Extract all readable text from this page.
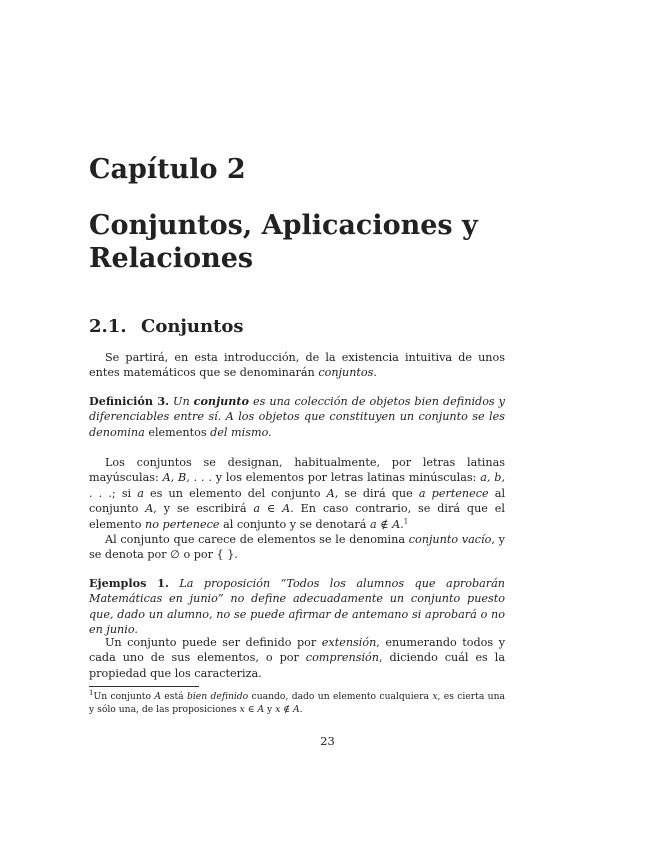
Capítulo 2
Conjuntos, Aplicaciones y Relaciones
2.1. Conjuntos
Se partirá, en esta introducción, de la existencia intuitiva de unos entes matemáticos que se denominarán conjuntos.
Definición 3. Un conjunto es una colección de objetos bien definidos y diferenciables entre sí. A los objetos que constituyen un conjunto se les denomina elementos del mismo.
Los conjuntos se designan, habitualmente, por letras latinas mayúsculas: A, B, . . . y los elementos por letras latinas minúsculas: a, b, . . .; si a es un elemento del conjunto A, se dirá que a pertenece al conjunto A, y se escribirá a ∈ A. En caso contrario, se dirá que el elemento no pertenece al conjunto y se denotará a ∉ A.$^1$
Al conjunto que carece de elementos se le denomina conjunto vacío, y se denota por ∅ o por { }.
Ejemplos 1. La proposición “Todos los alumnos que aprobarán Matemáticas en junio” no define adecuadamente un conjunto puesto que, dado un alumno, no se puede afirmar de antemano si aprobará o no en junio.
Un conjunto puede ser definido por extensión, enumerando todos y cada uno de sus elementos, o por comprensión, diciendo cuál es la propiedad que los caracteriza.
$^1$Un conjunto A está bien definido cuando, dado un elemento cualquiera x, es cierta una y sólo una, de las proposiciones x ∈ A y x ∉ A.
23
